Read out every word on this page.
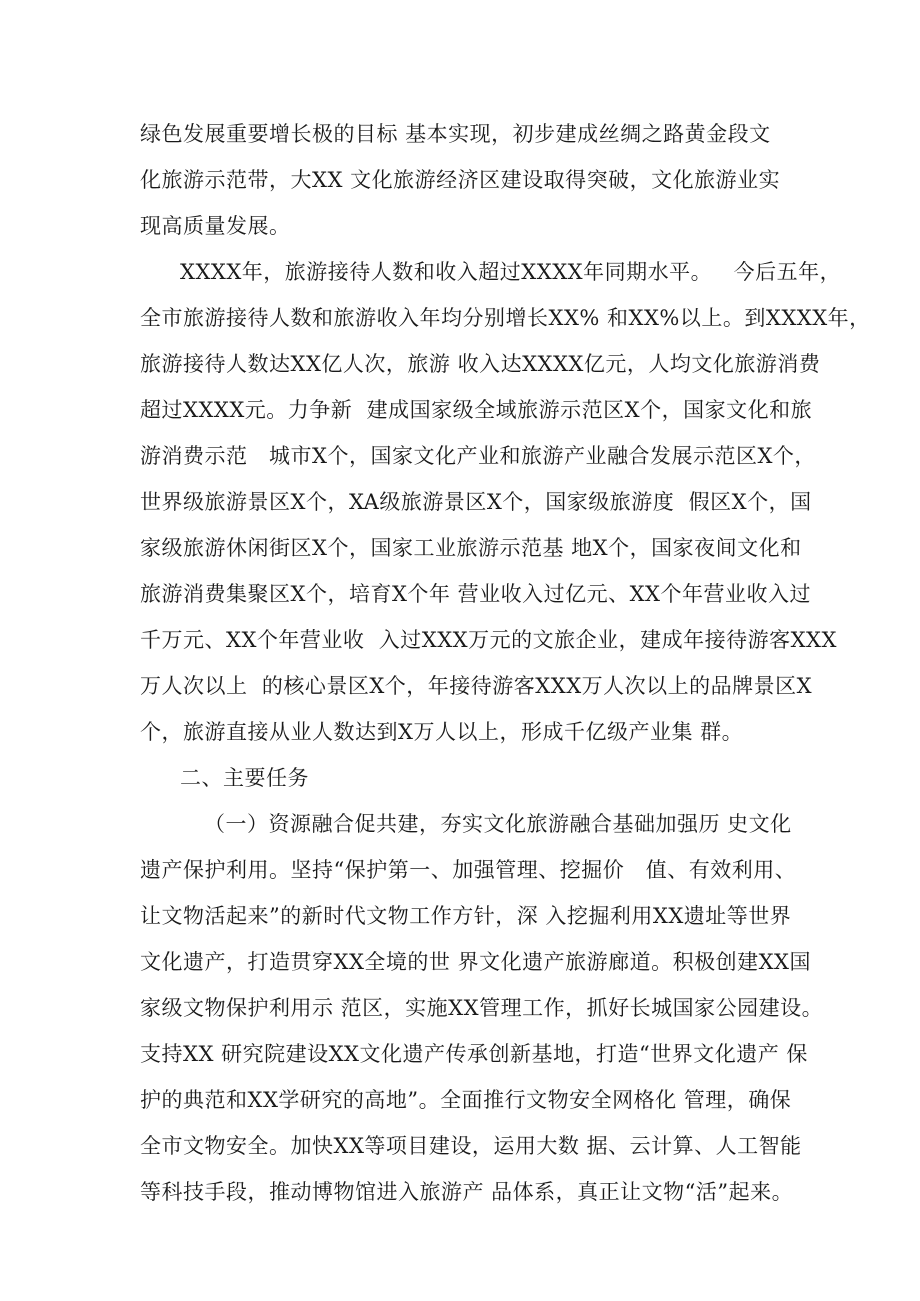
绿色发展重要增长极的目标 基本实现，初步建成丝绸之路黄金段文
化旅游示范带，大XX 文化旅游经济区建设取得突破，文化旅游业实
现高质量发展。
XXXX年，旅游接待人数和收入超过XXXX年同期水平。   今后五年，
全市旅游接待人数和旅游收入年均分别增长XX% 和XX%以上。到XXXX年，
旅游接待人数达XX亿人次，旅游 收入达XXXX亿元，人均文化旅游消费
超过XXXX元。力争新  建成国家级全域旅游示范区X个，国家文化和旅
游消费示范   城市X个，国家文化产业和旅游产业融合发展示范区X个，
世界级旅游景区X个，XA级旅游景区X个，国家级旅游度  假区X个，国
家级旅游休闲街区X个，国家工业旅游示范基 地X个，国家夜间文化和
旅游消费集聚区X个，培育X个年 营业收入过亿元、XX个年营业收入过
千万元、XX个年营业收  入过XXX万元的文旅企业，建成年接待游客XXX
万人次以上  的核心景区X个，年接待游客XXX万人次以上的品牌景区X
个，旅游直接从业人数达到X万人以上，形成千亿级产业集 群。
二、主要任务
（一）资源融合促共建，夯实文化旅游融合基础加强历 史文化
遗产保护利用。坚持“保护第一、加强管理、挖掘价   值、有效利用、
让文物活起来”的新时代文物工作方针，深 入挖掘利用XX遗址等世界
文化遗产，打造贯穿XX全境的世 界文化遗产旅游廊道。积极创建XX国
家级文物保护利用示 范区，实施XX管理工作，抓好长城国家公园建设。
支持XX 研究院建设XX文化遗产传承创新基地，打造“世界文化遗产 保
护的典范和XX学研究的高地”。全面推行文物安全网格化 管理，确保
全市文物安全。加快XX等项目建设，运用大数 据、云计算、人工智能
等科技手段，推动博物馆进入旅游产 品体系，真正让文物“活”起来。
